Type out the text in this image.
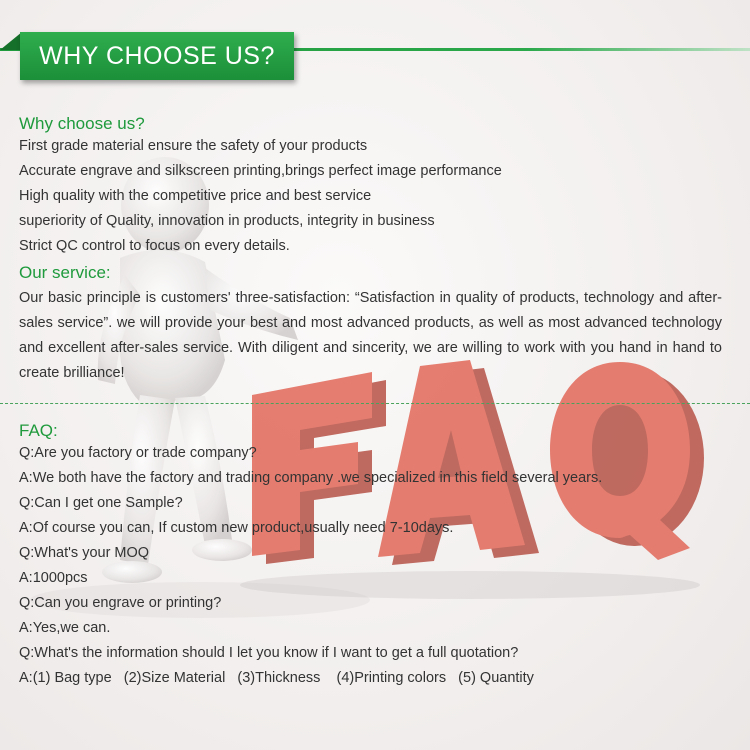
WHY CHOOSE US?
Why choose us?
First grade material ensure the safety of your products
Accurate engrave and silkscreen printing,brings perfect image performance
High quality with the competitive price and best service
superiority of Quality, innovation in products, integrity in business
Strict QC control to focus on every details.
Our service:

Our basic principle is customers' three-satisfaction: “Satisfaction in quality of products, technology and after-sales service”. we will provide your best and most advanced products, as well as most advanced technology and excellent after-sales service. With diligent and sincerity, we are willing to work with you hand in hand to create brilliance!

FAQ:
Q:Are you factory or trade company?
A:We both have the factory and trading company .we specialized in this field several years.
Q:Can I get one Sample?
A:Of course you can, If custom new product,usually need 7-10days.
Q:What's your MOQ
A:1000pcs
Q:Can you engrave or printing?
A:Yes,we can.
Q:What's the information should I let you know if I want to get a full quotation?
A:(1) Bag type   (2)Size Material   (3)Thickness    (4)Printing colors   (5) Quantity
